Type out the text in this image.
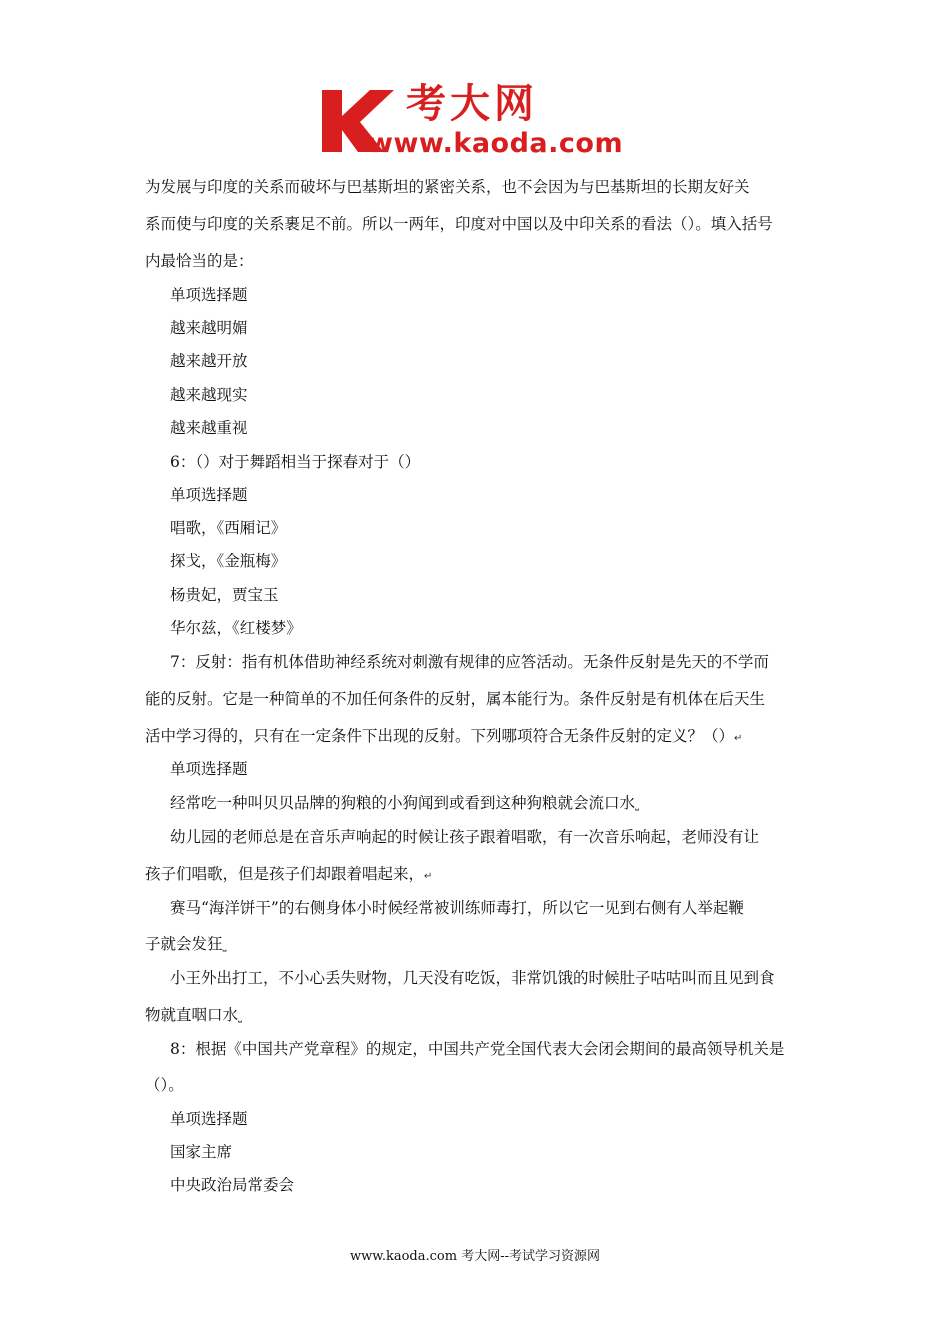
考大网
www.kaoda.com
为发展与印度的关系而破坏与巴基斯坦的紧密关系，也不会因为与巴基斯坦的长期友好关
系而使与印度的关系裹足不前。所以一两年，印度对中国以及中印关系的看法（）。填入括号
内最恰当的是：
单项选择题
越来越明媚
越来越开放
越来越现实
越来越重视
6：（）对于舞蹈相当于探春对于（）
单项选择题
唱歌，《西厢记》
探戈，《金瓶梅》
杨贵妃，贾宝玉
华尔兹，《红楼梦》
7：反射：指有机体借助神经系统对刺激有规律的应答活动。无条件反射是先天的不学而
能的反射。它是一种简单的不加任何条件的反射，属本能行为。条件反射是有机体在后天生
活中学习得的，只有在一定条件下出现的反射。下列哪项符合无条件反射的定义？（）↵
单项选择题
经常吃一种叫贝贝品牌的狗粮的小狗闻到或看到这种狗粮就会流口水⎵
幼儿园的老师总是在音乐声响起的时候让孩子跟着唱歌，有一次音乐响起，老师没有让
孩子们唱歌，但是孩子们却跟着唱起来，↵
赛马“海洋饼干”的右侧身体小时候经常被训练师毒打，所以它一见到右侧有人举起鞭
子就会发狂⎵
小王外出打工，不小心丢失财物，几天没有吃饭，非常饥饿的时候肚子咕咕叫而且见到食
物就直咽口水⎵
8：根据《中国共产党章程》的规定，中国共产党全国代表大会闭会期间的最高领导机关是
（）。
单项选择题
国家主席
中央政治局常委会
www.kaoda.com 考大网--考试学习资源网
